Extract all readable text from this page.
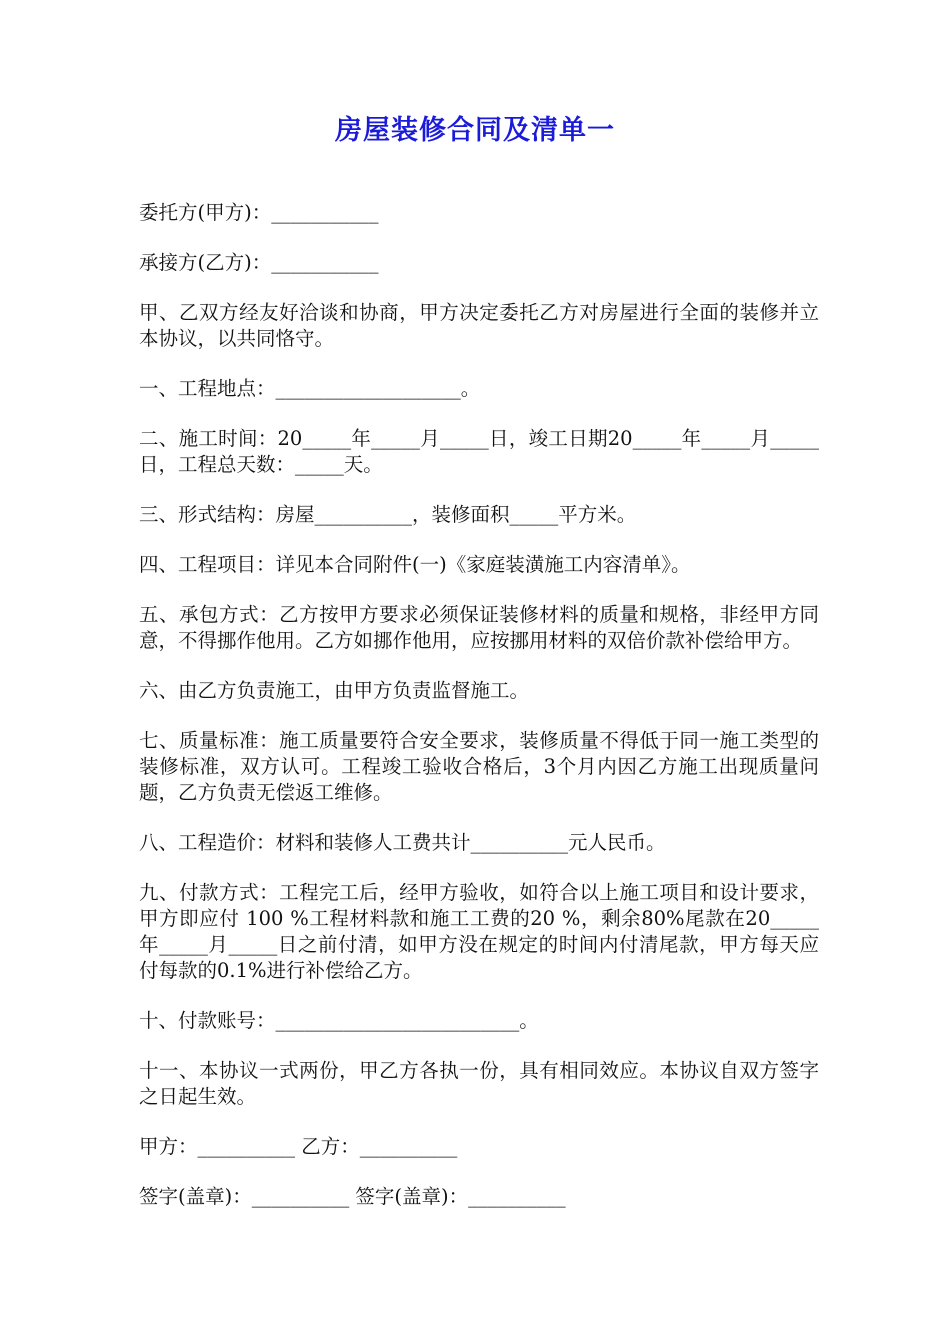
房屋装修合同及清单一

委托方(甲方)：___________

承接方(乙方)：___________

甲、乙双方经友好洽谈和协商，甲方决定委托乙方对房屋进行全面的装修并立本协议，以共同恪守。

一、工程地点：___________________。

二、施工时间：20_____年_____月_____日，竣工日期20_____年_____月_____日，工程总天数：_____天。

三、形式结构：房屋__________，装修面积_____平方米。

四、工程项目：详见本合同附件(一)《家庭装潢施工内容清单》。

五、承包方式：乙方按甲方要求必须保证装修材料的质量和规格，非经甲方同意，不得挪作他用。乙方如挪作他用，应按挪用材料的双倍价款补偿给甲方。

六、由乙方负责施工，由甲方负责监督施工。

七、质量标准：施工质量要符合安全要求，装修质量不得低于同一施工类型的装修标准，双方认可。工程竣工验收合格后，3个月内因乙方施工出现质量问题，乙方负责无偿返工维修。

八、工程造价：材料和装修人工费共计__________元人民币。

九、付款方式：工程完工后，经甲方验收，如符合以上施工项目和设计要求，甲方即应付 100 %工程材料款和施工工费的20 %，剩余80%尾款在20_____年_____月_____日之前付清，如甲方没在规定的时间内付清尾款，甲方每天应付每款的0.1%进行补偿给乙方。

十、付款账号：_________________________。

十一、本协议一式两份，甲乙方各执一份，具有相同效应。本协议自双方签字之日起生效。

甲方：__________ 乙方：__________

签字(盖章)：__________ 签字(盖章)：__________
